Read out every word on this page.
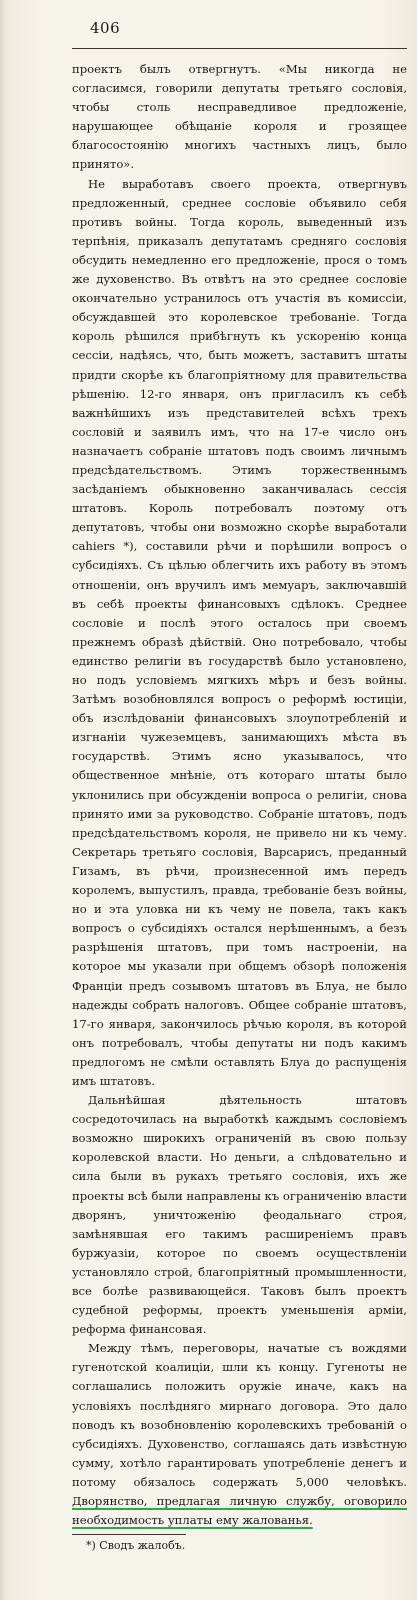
406

проектъ былъ отвергнутъ. «Мы никогда не согласимся, говорили депутаты третьяго сословія, чтобы столь несправедливое предложеніе, нарушающее обѣщаніе короля и грозящее благосостоянію многихъ частныхъ лицъ, было принято».

Не выработавъ своего проекта, отвергнувъ предложенный, среднее сословіе объявило себя противъ войны. Тогда король, выведенный изъ терпѣнія, приказалъ депутатамъ средняго сословія обсудить немедленно его предложеніе, прося о томъ же духовенство. Въ отвѣтъ на это среднее сословіе окончательно устранилось отъ участія въ комиссіи, обсуждавшей это королевское требованіе. Тогда король рѣшился прибѣгнуть къ ускоренію конца сессіи, надѣясь, что, быть можетъ, заставитъ штаты придти скорѣе къ благопріятному для правительства рѣшенію. 12-го января, онъ пригласилъ къ себѣ важнѣйшихъ изъ представителей всѣхъ трехъ сословій и заявилъ имъ, что на 17-е число онъ назначаетъ собраніе штатовъ подъ своимъ личнымъ предсѣдательствомъ. Этимъ торжественнымъ засѣданіемъ обыкновенно заканчивалась сессія штатовъ. Король потребовалъ поэтому отъ депутатовъ, чтобы они возможно скорѣе выработали cahiers *), составили рѣчи и порѣшили вопросъ о субсидіяхъ. Съ цѣлью облегчить ихъ работу въ этомъ отношеніи, онъ вручилъ имъ мемуаръ, заключавшій въ себѣ проекты финансовыхъ сдѣлокъ. Среднее сословіе и послѣ этого осталось при своемъ прежнемъ образѣ дѣйствій. Оно потребовало, чтобы единство религіи въ государствѣ было установлено, но подъ условіемъ мягкихъ мѣръ и безъ войны. Затѣмъ возобновлялся вопросъ о реформѣ юстиціи, объ изслѣдованіи финансовыхъ злоупотребленій и изгнаніи чужеземцевъ, занимающихъ мѣста въ государствѣ. Этимъ ясно указывалось, что общественное мнѣніе, отъ котораго штаты было уклонились при обсужденіи вопроса о религіи, снова принято ими за руководство. Собраніе штатовъ, подъ предсѣдательствомъ короля, не привело ни къ чему. Секретарь третьяго сословія, Варсарисъ, преданный Гизамъ, въ рѣчи, произнесенной имъ передъ королемъ, выпустилъ, правда, требованіе безъ войны, но и эта уловка ни къ чему не повела, такъ какъ вопросъ о субсидіяхъ остался нерѣшеннымъ, а безъ разрѣшенія штатовъ, при томъ настроеніи, на которое мы указали при общемъ обзорѣ положенія Франціи предъ созывомъ штатовъ въ Блуа, не было надежды собрать налоговъ. Общее собраніе штатовъ, 17-го января, закончилось рѣчью короля, въ которой онъ потребовалъ, чтобы депутаты ни подъ какимъ предлогомъ не смѣли оставлять Блуа до распущенія имъ штатовъ.

Дальнѣйшая дѣятельность штатовъ сосредоточилась на выработкѣ каждымъ сословіемъ возможно широкихъ ограниченій въ свою пользу королевской власти. Но деньги, а слѣдовательно и сила были въ рукахъ третьяго сословія, ихъ же проекты всѣ были направлены къ ограниченію власти дворянъ, уничтоженію феодальнаго строя, замѣнявшая его такимъ расширеніемъ правъ буржуазіи, которое по своемъ осуществленіи установляло строй, благопріятный промышленности, все болѣе развивающейся. Таковъ былъ проектъ судебной реформы, проектъ уменьшенія арміи, реформа финансовая.

Между тѣмъ, переговоры, начатые съ вождями гугенотской коалиціи, шли къ концу. Гугеноты не соглашались положить оружіе иначе, какъ на условіяхъ послѣдняго мирнаго договора. Это дало поводъ къ возобновленію королевскихъ требованій о субсидіяхъ. Духовенство, соглашаясь дать извѣстную сумму, хотѣло гарантировать употребленіе денегъ и потому обязалось содержать 5,000 человѣкъ. Дворянство, предлагая личную службу, оговорило необходимость уплаты ему жалованья.

*) Сводъ жалобъ.
